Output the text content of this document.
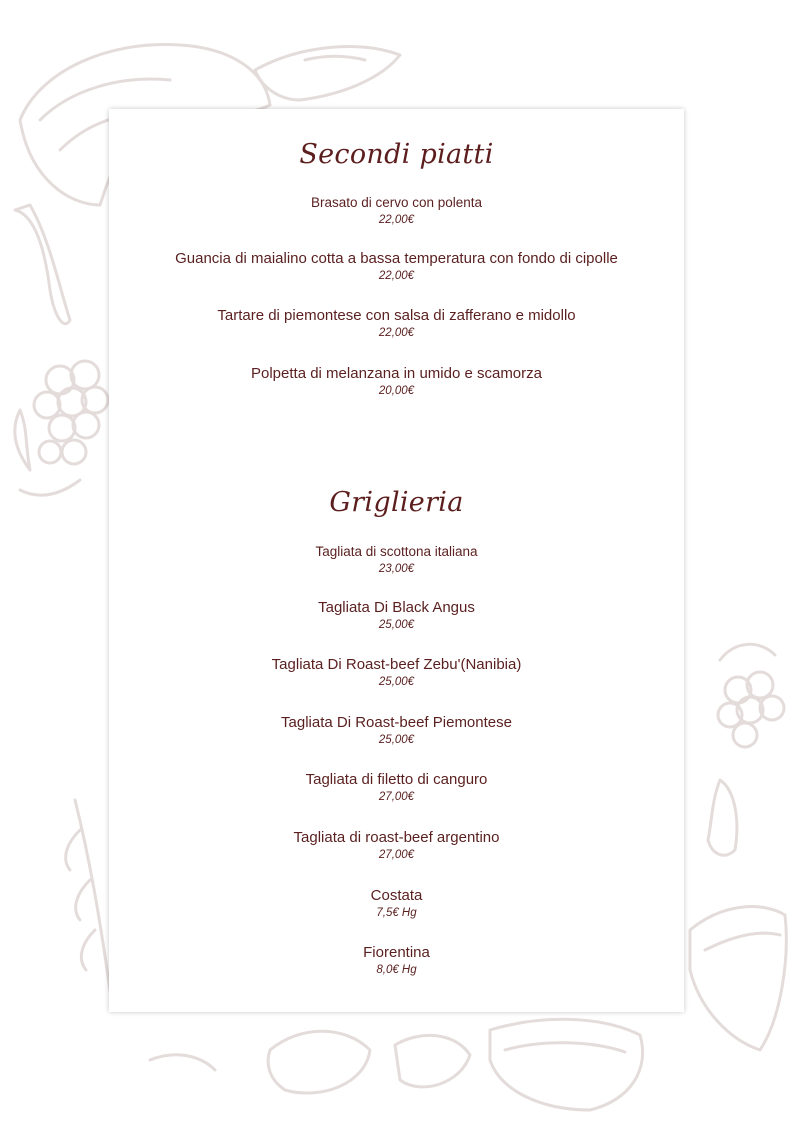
Secondi piatti
Brasato di cervo con polenta
22,00€
Guancia di maialino cotta a bassa temperatura con fondo di cipolle
22,00€
Tartare di piemontese con salsa di zafferano e midollo
22,00€
Polpetta di melanzana in umido e scamorza
20,00€
Griglieria
Tagliata di scottona italiana
23,00€
Tagliata Di Black Angus
25,00€
Tagliata Di Roast-beef Zebu'(Nanibia)
25,00€
Tagliata Di Roast-beef Piemontese
25,00€
Tagliata di filetto di canguro
27,00€
Tagliata di roast-beef argentino
27,00€
Costata
7,5€ Hg
Fiorentina
8,0€ Hg
